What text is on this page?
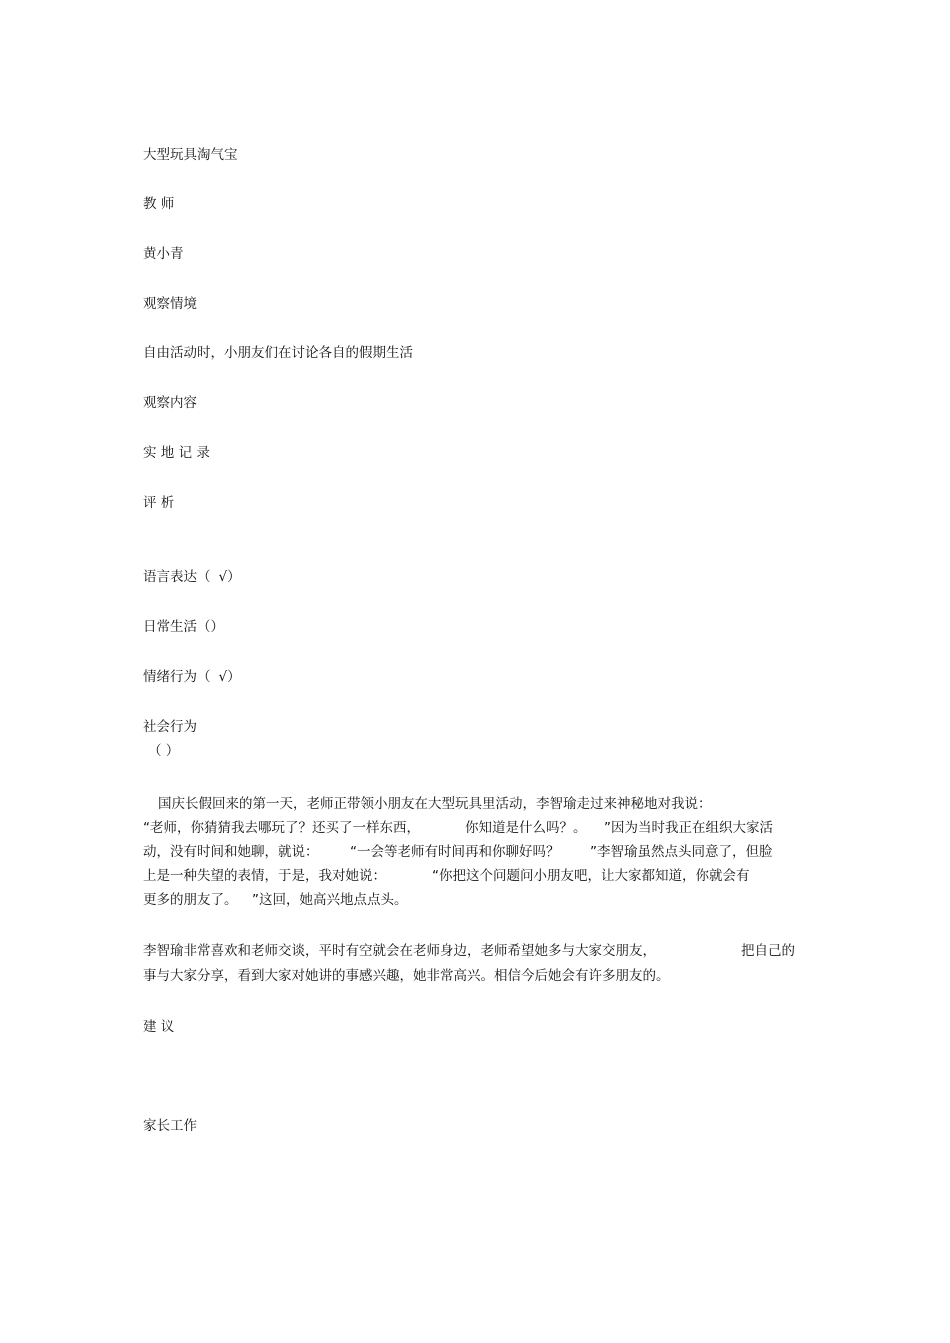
大型玩具淘气宝
教 师
黄小青
观察情境
自由活动时，小朋友们在讨论各自的假期生活
观察内容
实 地 记 录
评 析
语言表达（ √）
日常生活（）
情绪行为（ √）
社会行为
（ ）
国庆长假回来的第一天，老师正带领小朋友在大型玩具里活动，李智瑜走过来神秘地对我说：
“老师，你猜猜我去哪玩了？还买了一样东西，	你知道是什么吗？。 ”因为当时我正在组织大家活
动，没有时间和她聊，就说： “一会等老师有时间再和你聊好吗？ ”李智瑜虽然点头同意了，但脸
上是一种失望的表情，于是，我对她说：	“你把这个问题问小朋友吧，让大家都知道，你就会有
更多的朋友了。 ”这回，她高兴地点点头。
李智瑜非常喜欢和老师交谈，平时有空就会在老师身边，老师希望她多与大家交朋友，	把自己的
事与大家分享，看到大家对她讲的事感兴趣，她非常高兴。相信今后她会有许多朋友的。
建 议
家长工作
